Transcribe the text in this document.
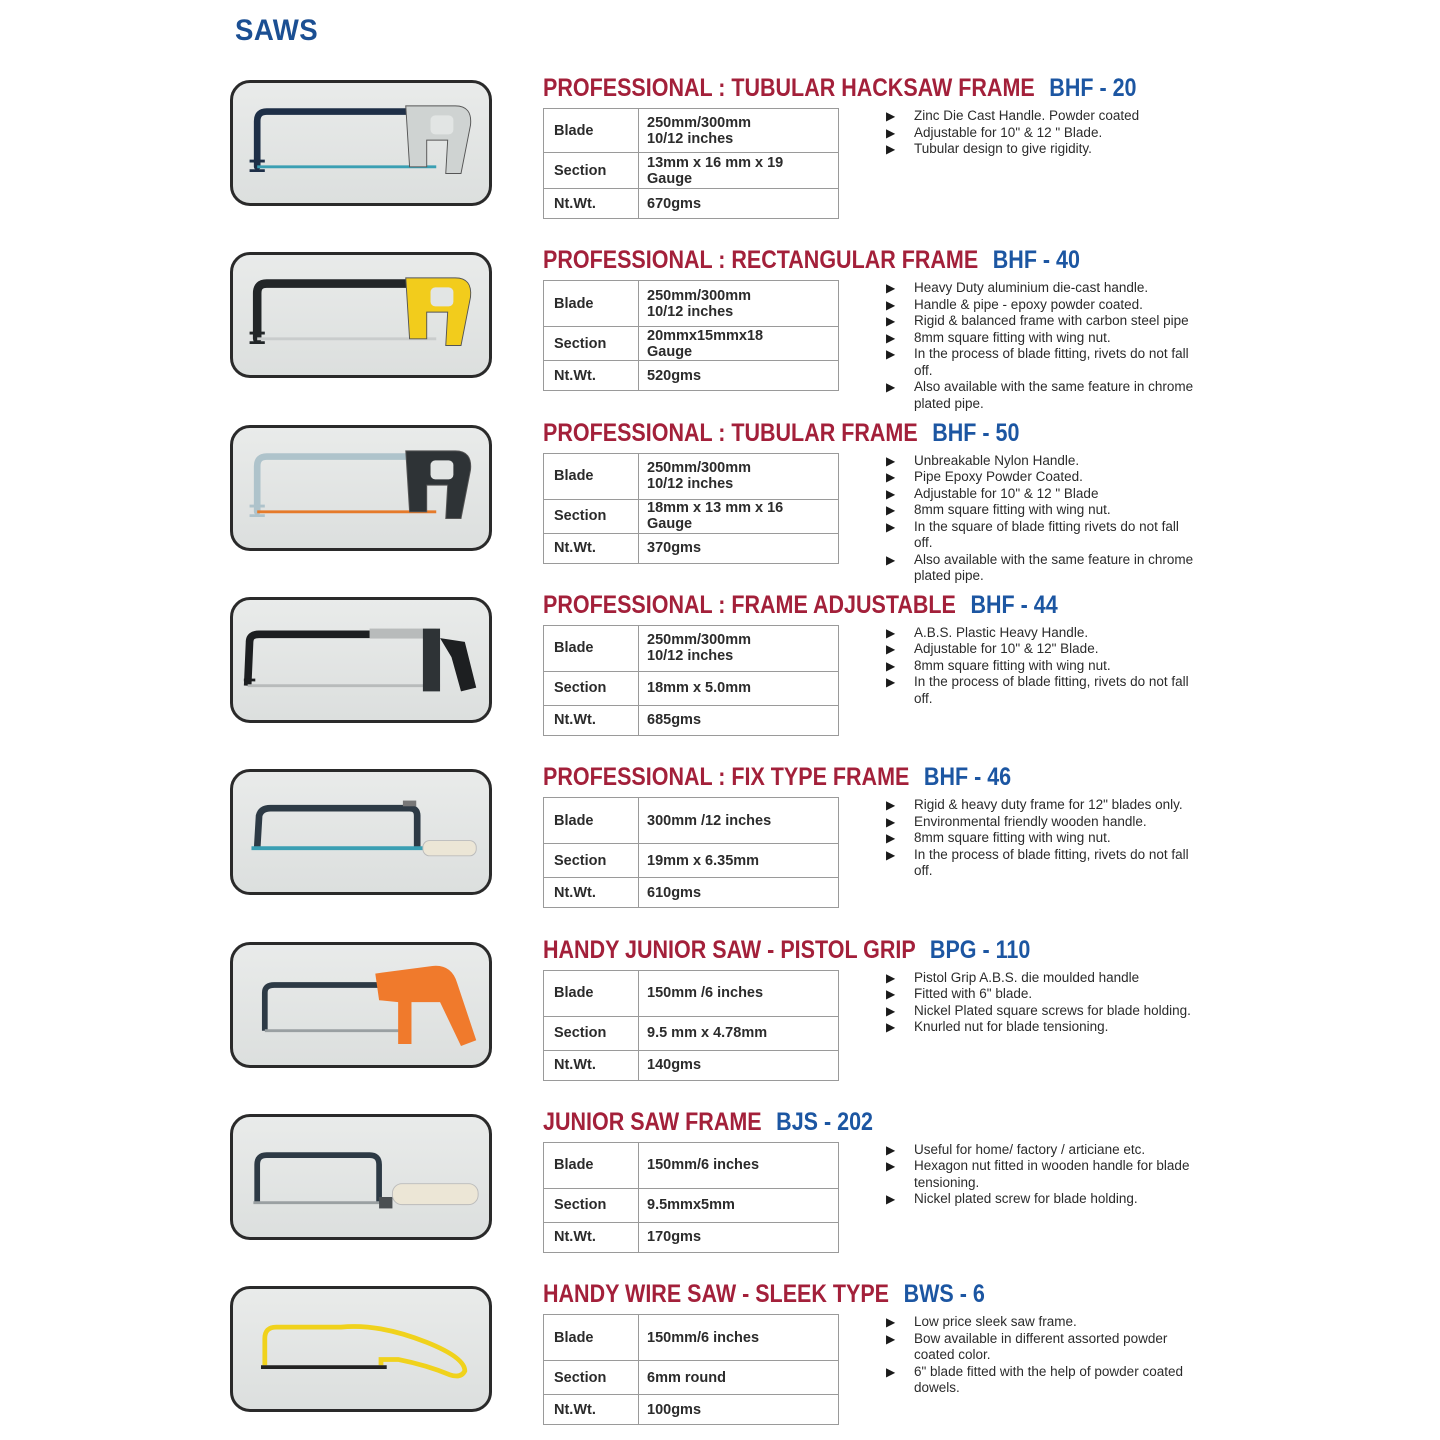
SAWS
PROFESSIONAL : TUBULAR HACKSAW FRAME BHF - 20
Blade	250mm/300mm
10/12 inches

Section	13mm x 16 mm x 19 Gauge

Nt.Wt.	670gms
▶ Zinc Die Cast Handle. Powder coated
▶ Adjustable for 10" & 12 " Blade.
▶ Tubular design to give rigidity.
PROFESSIONAL : RECTANGULAR FRAME BHF - 40
Blade	250mm/300mm
10/12 inches

Section	20mmx15mmx18
Gauge

Nt.Wt.	520gms
▶ Heavy Duty aluminium die-cast handle.
▶ Handle & pipe - epoxy powder coated.
▶ Rigid & balanced frame with carbon steel pipe
▶ 8mm square fitting with wing nut.
▶ In the process of blade fitting, rivets do not fall off.
▶ Also available with the same feature in chrome plated pipe.
PROFESSIONAL : TUBULAR FRAME BHF - 50
Blade	250mm/300mm
10/12 inches

Section	18mm x 13 mm x 16 Gauge

Nt.Wt.	370gms
▶ Unbreakable Nylon Handle.
▶ Pipe Epoxy Powder Coated.
▶ Adjustable for 10" & 12 " Blade
▶ 8mm square fitting with wing nut.
▶ In the square of blade fitting rivets do not fall off.
▶ Also available with the same feature in chrome plated pipe.
PROFESSIONAL : FRAME ADJUSTABLE BHF - 44
Blade	250mm/300mm
10/12 inches

Section	18mm x 5.0mm

Nt.Wt.	685gms
▶ A.B.S. Plastic Heavy Handle.
▶ Adjustable for 10" & 12" Blade.
▶ 8mm square fitting with wing nut.
▶ In the process of blade fitting, rivets do not fall off.
PROFESSIONAL : FIX TYPE FRAME BHF - 46
Blade	300mm /12 inches

Section	19mm x 6.35mm

Nt.Wt.	610gms
▶ Rigid & heavy duty frame for 12" blades only.
▶ Environmental friendly wooden handle.
▶ 8mm square fitting with wing nut.
▶ In the process of blade fitting, rivets do not fall off.
HANDY JUNIOR SAW - PISTOL GRIP BPG - 110
Blade	150mm /6 inches

Section	9.5 mm x 4.78mm

Nt.Wt.	140gms
▶ Pistol Grip A.B.S. die moulded handle
▶ Fitted with 6" blade.
▶ Nickel Plated square screws for blade holding.
▶ Knurled nut for blade tensioning.
JUNIOR SAW FRAME BJS - 202
Blade	150mm/6 inches

Section	9.5mmx5mm

Nt.Wt.	170gms
▶ Useful for home/ factory / articiane etc.
▶ Hexagon nut fitted in wooden handle for blade tensioning.
▶ Nickel plated screw for blade holding.
HANDY WIRE SAW - SLEEK TYPE BWS - 6
Blade	150mm/6 inches

Section	6mm round

Nt.Wt.	100gms
▶ Low price sleek saw frame.
▶ Bow available in different assorted powder coated color.
▶ 6" blade fitted with the help of powder coated dowels.
